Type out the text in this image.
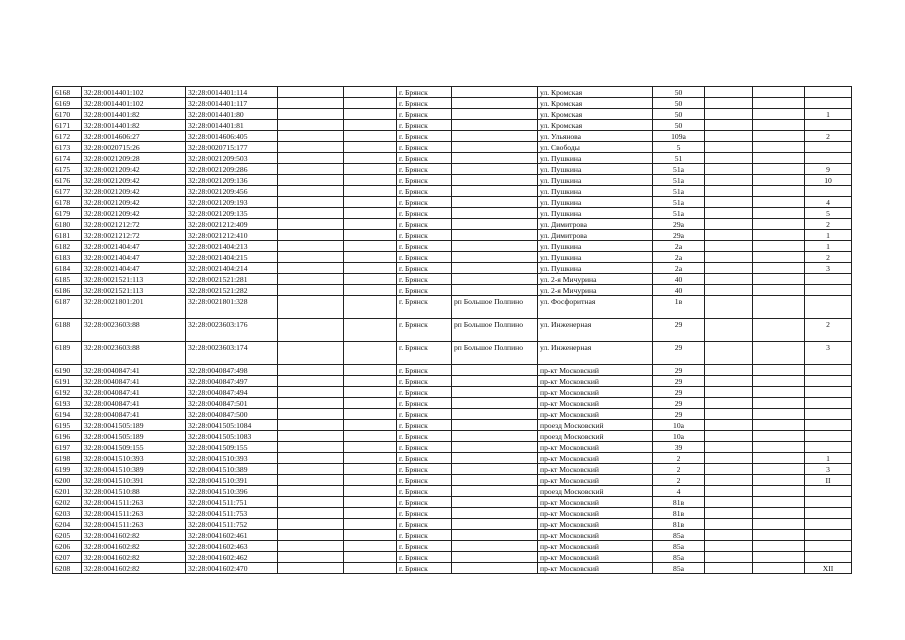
6168	32:28:0014401:102	32:28:0014401:114			г. Брянск		ул. Кромская	50			
6169	32:28:0014401:102	32:28:0014401:117			г. Брянск		ул. Кромская	50			
6170	32:28:0014401:82	32:28:0014401:80			г. Брянск		ул. Кромская	50			1
6171	32:28:0014401:82	32:28:0014401:81			г. Брянск		ул. Кромская	50			
6172	32:28:0014606:27	32:28:0014606:405			г. Брянск		ул. Ульянова	109а			2
6173	32:28:0020715:26	32:28:0020715:177			г. Брянск		ул. Свободы	5			
6174	32:28:0021209:28	32:28:0021209:503			г. Брянск		ул. Пушкина	51			
6175	32:28:0021209:42	32:28:0021209:286			г. Брянск		ул. Пушкина	51а			9
6176	32:28:0021209:42	32:28:0021209:136			г. Брянск		ул. Пушкина	51а			10
6177	32:28:0021209:42	32:28:0021209:456			г. Брянск		ул. Пушкина	51а			
6178	32:28:0021209:42	32:28:0021209:193			г. Брянск		ул. Пушкина	51а			4
6179	32:28:0021209:42	32:28:0021209:135			г. Брянск		ул. Пушкина	51а			5
6180	32:28:0021212:72	32:28:0021212:409			г. Брянск		ул. Димитрова	29а			2
6181	32:28:0021212:72	32:28:0021212:410			г. Брянск		ул. Димитрова	29а			1
6182	32:28:0021404:47	32:28:0021404:213			г. Брянск		ул. Пушкина	2а			1
6183	32:28:0021404:47	32:28:0021404:215			г. Брянск		ул. Пушкина	2а			2
6184	32:28:0021404:47	32:28:0021404:214			г. Брянск		ул. Пушкина	2а			3
6185	32:28:0021521:113	32:28:0021521:281			г. Брянск		ул. 2-я Мичурина	40			
6186	32:28:0021521:113	32:28:0021521:282			г. Брянск		ул. 2-я Мичурина	40			
6187	32:28:0021801:201	32:28:0021801:328			г. Брянск	рп Большое Полпино	ул. Фосфоритная	1в			
6188	32:28:0023603:88	32:28:0023603:176			г. Брянск	рп Большое Полпино	ул. Инженерная	29			2
6189	32:28:0023603:88	32:28:0023603:174			г. Брянск	рп Большое Полпино	ул. Инженерная	29			3
6190	32:28:0040847:41	32:28:0040847:498			г. Брянск		пр-кт Московский	29			
6191	32:28:0040847:41	32:28:0040847:497			г. Брянск		пр-кт Московский	29			
6192	32:28:0040847:41	32:28:0040847:494			г. Брянск		пр-кт Московский	29			
6193	32:28:0040847:41	32:28:0040847:501			г. Брянск		пр-кт Московский	29			
6194	32:28:0040847:41	32:28:0040847:500			г. Брянск		пр-кт Московский	29			
6195	32:28:0041505:189	32:28:0041505:1084			г. Брянск		проезд Московский	10а			
6196	32:28:0041505:189	32:28:0041505:1083			г. Брянск		проезд Московский	10а			
6197	32:28:0041509:155	32:28:0041509:155			г. Брянск		пр-кт Московский	39			
6198	32:28:0041510:393	32:28:0041510:393			г. Брянск		пр-кт Московский	2			1
6199	32:28:0041510:389	32:28:0041510:389			г. Брянск		пр-кт Московский	2			3
6200	32:28:0041510:391	32:28:0041510:391			г. Брянск		пр-кт Московский	2			II
6201	32:28:0041510:88	32:28:0041510:396			г. Брянск		проезд Московский	4			
6202	32:28:0041511:263	32:28:0041511:751			г. Брянск		пр-кт Московский	81в			
6203	32:28:0041511:263	32:28:0041511:753			г. Брянск		пр-кт Московский	81в			
6204	32:28:0041511:263	32:28:0041511:752			г. Брянск		пр-кт Московский	81в			
6205	32:28:0041602:82	32:28:0041602:461			г. Брянск		пр-кт Московский	85а			
6206	32:28:0041602:82	32:28:0041602:463			г. Брянск		пр-кт Московский	85а			
6207	32:28:0041602:82	32:28:0041602:462			г. Брянск		пр-кт Московский	85а			
6208	32:28:0041602:82	32:28:0041602:470			г. Брянск		пр-кт Московский	85а			XII
